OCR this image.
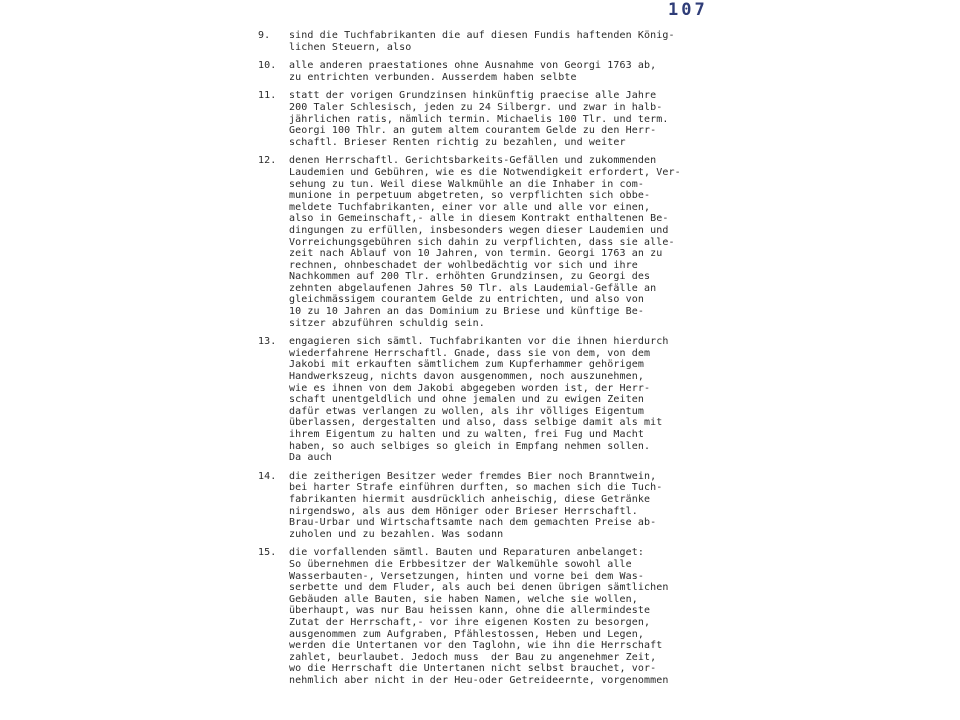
107
9. sind die Tuchfabrikanten die auf diesen Fundis haftenden König-
lichen Steuern, also
10. alle anderen praestationes ohne Ausnahme von Georgi 1763 ab,
zu entrichten verbunden. Ausserdem haben selbte
11. statt der vorigen Grundzinsen hinkünftig praecise alle Jahre
200 Taler Schlesisch, jeden zu 24 Silbergr. und zwar in halb-
jährlichen ratis, nämlich termin. Michaelis 100 Tlr. und term.
Georgi 100 Thlr. an gutem altem courantem Gelde zu den Herr-
schaftl. Brieser Renten richtig zu bezahlen, und weiter
12. denen Herrschaftl. Gerichtsbarkeits-Gefällen und zukommenden
Laudemien und Gebühren, wie es die Notwendigkeit erfordert, Ver-
sehung zu tun. Weil diese Walkmühle an die Inhaber in com-
munione in perpetuum abgetreten, so verpflichten sich obbe-
meldete Tuchfabrikanten, einer vor alle und alle vor einen,
also in Gemeinschaft,- alle in diesem Kontrakt enthaltenen Be-
dingungen zu erfüllen, insbesonders wegen dieser Laudemien und
Vorreichungsgebühren sich dahin zu verpflichten, dass sie alle-
zeit nach Ablauf von 10 Jahren, von termin. Georgi 1763 an zu
rechnen, ohnbeschadet der wohlbedächtig vor sich und ihre
Nachkommen auf 200 Tlr. erhöhten Grundzinsen, zu Georgi des
zehnten abgelaufenen Jahres 50 Tlr. als Laudemial-Gefälle an
gleichmässigem courantem Gelde zu entrichten, und also von
10 zu 10 Jahren an das Dominium zu Briese und künftige Be-
sitzer abzuführen schuldig sein.
13. engagieren sich sämtl. Tuchfabrikanten vor die ihnen hierdurch
wiederfahrene Herrschaftl. Gnade, dass sie von dem, von dem
Jakobi mit erkauften sämtlichem zum Kupferhammer gehörigem
Handwerkszeug, nichts davon ausgenommen, noch auszunehmen,
wie es ihnen von dem Jakobi abgegeben worden ist, der Herr-
schaft unentgeldlich und ohne jemalen und zu ewigen Zeiten
dafür etwas verlangen zu wollen, als ihr völliges Eigentum
überlassen, dergestalten und also, dass selbige damit als mit
ihrem Eigentum zu halten und zu walten, frei Fug und Macht
haben, so auch selbiges so gleich in Empfang nehmen sollen.
Da auch
14. die zeitherigen Besitzer weder fremdes Bier noch Branntwein,
bei harter Strafe einführen durften, so machen sich die Tuch-
fabrikanten hiermit ausdrücklich anheischig, diese Getränke
nirgendswo, als aus dem Höniger oder Brieser Herrschaftl.
Brau-Urbar und Wirtschaftsamte nach dem gemachten Preise ab-
zuholen und zu bezahlen. Was sodann
15. die vorfallenden sämtl. Bauten und Reparaturen anbelanget:
So übernehmen die Erbbesitzer der Walkemühle sowohl alle
Wasserbauten-, Versetzungen, hinten und vorne bei dem Was-
serbette und dem Fluder, als auch bei denen übrigen sämtlichen
Gebäuden alle Bauten, sie haben Namen, welche sie wollen,
überhaupt, was nur Bau heissen kann, ohne die allermindeste
Zutat der Herrschaft,- vor ihre eigenen Kosten zu besorgen,
ausgenommen zum Aufgraben, Pfählestossen, Heben und Legen,
werden die Untertanen vor den Taglohn, wie ihn die Herrschaft
zahlet, beurlaubet. Jedoch muss  der Bau zu angenehmer Zeit,
wo die Herrschaft die Untertanen nicht selbst brauchet, vor-
nehmlich aber nicht in der Heu-oder Getreideernte, vorgenommen
